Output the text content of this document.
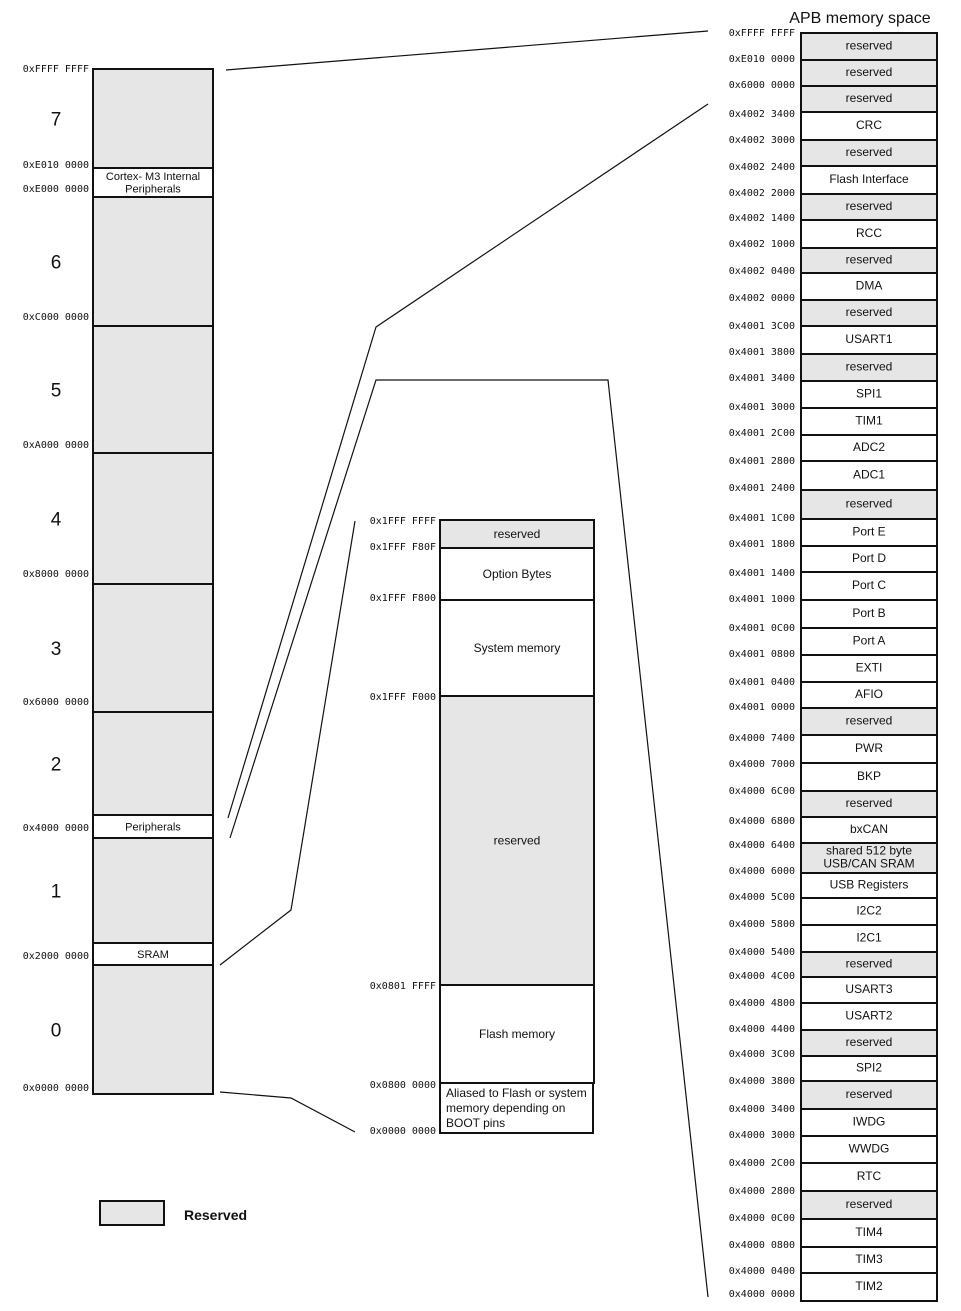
APB memory space
7
Cortex- M3 Internal Peripherals
6
5
4
3
2
Peripherals
1
SRAM
0
0xFFFF FFFF
0xE010 0000
0xE000 0000
0xC000 0000
0xA000 0000
0x8000 0000
0x6000 0000
0x4000 0000
0x2000 0000
0x0000 0000
reserved
Option Bytes
System memory
reserved
Flash memory
Aliased to Flash or system memory depending on BOOT pins
0x1FFF FFFF
0x1FFF F80F
0x1FFF F800
0x1FFF F000
0x0801 FFFF
0x0800 0000
0x0000 0000
reserved
reserved
reserved
CRC
reserved
Flash Interface
reserved
RCC
reserved
DMA
reserved
USART1
reserved
SPI1
TIM1
ADC2
ADC1
reserved
Port E
Port D
Port C
Port B
Port A
EXTI
AFIO
reserved
PWR
BKP
reserved
bxCAN
shared 512 byte USB/CAN SRAM
USB Registers
I2C2
I2C1
reserved
USART3
USART2
reserved
SPI2
reserved
IWDG
WWDG
RTC
reserved
TIM4
TIM3
TIM2
0xFFFF FFFF
0xE010 0000
0x6000 0000
0x4002 3400
0x4002 3000
0x4002 2400
0x4002 2000
0x4002 1400
0x4002 1000
0x4002 0400
0x4002 0000
0x4001 3C00
0x4001 3800
0x4001 3400
0x4001 3000
0x4001 2C00
0x4001 2800
0x4001 2400
0x4001 1C00
0x4001 1800
0x4001 1400
0x4001 1000
0x4001 0C00
0x4001 0800
0x4001 0400
0x4001 0000
0x4000 7400
0x4000 7000
0x4000 6C00
0x4000 6800
0x4000 6400
0x4000 6000
0x4000 5C00
0x4000 5800
0x4000 5400
0x4000 4C00
0x4000 4800
0x4000 4400
0x4000 3C00
0x4000 3800
0x4000 3400
0x4000 3000
0x4000 2C00
0x4000 2800
0x4000 0C00
0x4000 0800
0x4000 0400
0x4000 0000
Reserved
